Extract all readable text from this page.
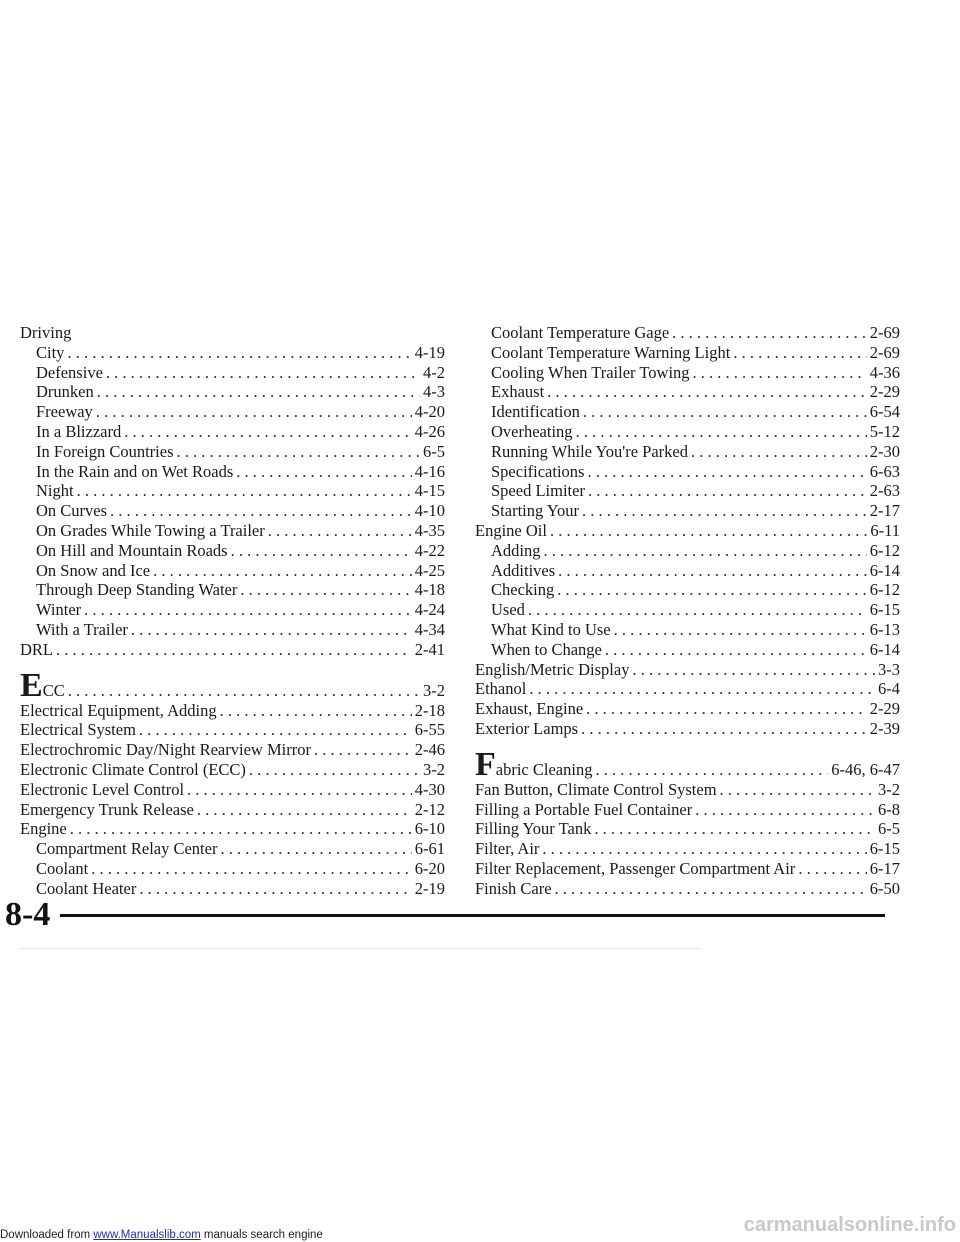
Driving
City . . .	4-19
Defensive . . .	4-2
Drunken . . .	4-3
Freeway . . .	4-20
In a Blizzard . . .	4-26
In Foreign Countries . . .	6-5
In the Rain and on Wet Roads . . .	4-16
Night . . .	4-15
On Curves . . .	4-10
On Grades While Towing a Trailer . . .	4-35
On Hill and Mountain Roads . . .	4-22
On Snow and Ice . . .	4-25
Through Deep Standing Water . . .	4-18
Winter . . .	4-24
With a Trailer . . .	4-34
DRL . . .	2-41
ECC . . .	3-2
Electrical Equipment, Adding . . .	2-18
Electrical System . . .	6-55
Electrochromic Day/Night Rearview Mirror . . .	2-46
Electronic Climate Control (ECC) . . .	3-2
Electronic Level Control . . .	4-30
Emergency Trunk Release . . .	2-12
Engine . . .	6-10
Compartment Relay Center . . .	6-61
Coolant . . .	6-20
Coolant Heater . . .	2-19
Coolant Temperature Gage . . .	2-69
Coolant Temperature Warning Light . . .	2-69
Cooling When Trailer Towing . . .	4-36
Exhaust . . .	2-29
Identification . . .	6-54
Overheating . . .	5-12
Running While You're Parked . . .	2-30
Specifications . . .	6-63
Speed Limiter . . .	2-63
Starting Your . . .	2-17
Engine Oil . . .	6-11
Adding . . .	6-12
Additives . . .	6-14
Checking . . .	6-12
Used . . .	6-15
What Kind to Use . . .	6-13
When to Change . . .	6-14
English/Metric Display . . .	3-3
Ethanol . . .	6-4
Exhaust, Engine . . .	2-29
Exterior Lamps . . .	2-39
Fabric Cleaning . . .	6-46, 6-47
Fan Button, Climate Control System . . .	3-2
Filling a Portable Fuel Container . . .	6-8
Filling Your Tank . . .	6-5
Filter, Air . . .	6-15
Filter Replacement, Passenger Compartment Air . . .	6-17
Finish Care . . .	6-50
8-4
Downloaded from www.Manualslib.com manuals search engine	carmanualsonline.info
